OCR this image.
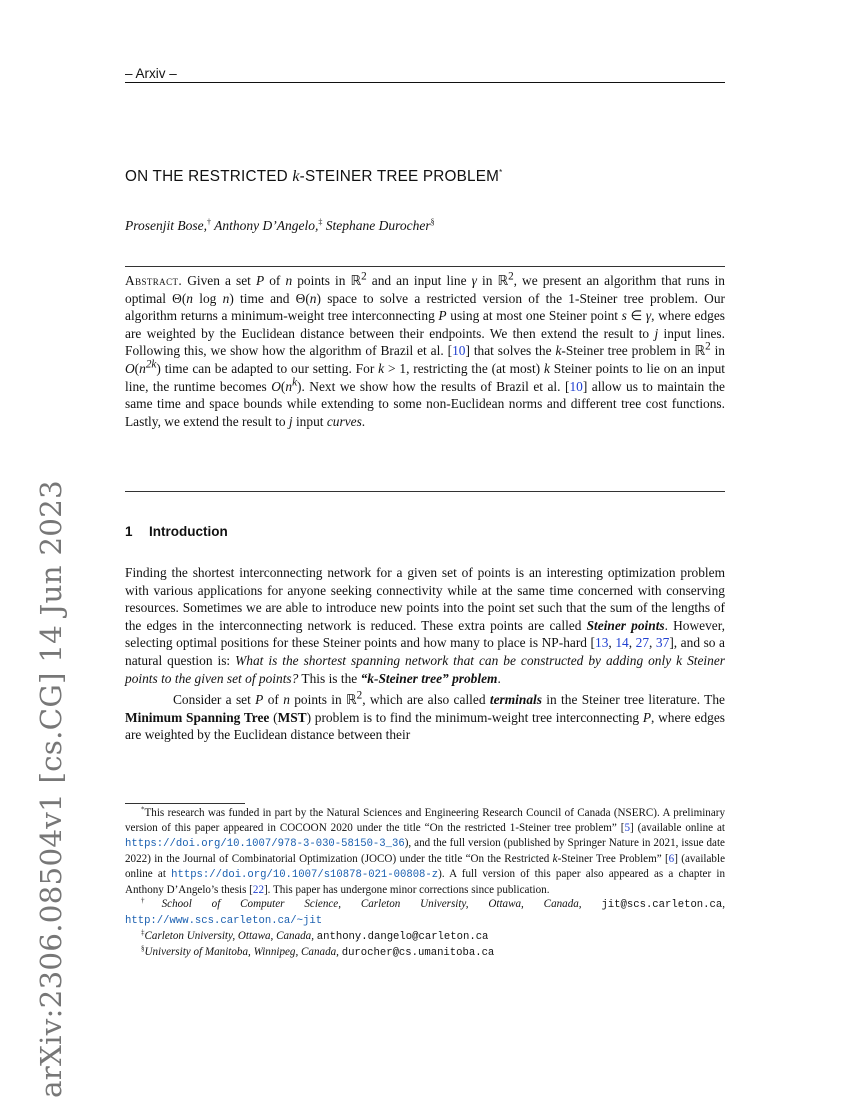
arXiv:2306.08504v1 [cs.CG] 14 Jun 2023
– Arxiv –
ON THE RESTRICTED k-STEINER TREE PROBLEM*
Prosenjit Bose,† Anthony D’Angelo,‡ Stephane Durocher§
Abstract. Given a set P of n points in ℝ$^2$ and an input line γ in ℝ$^2$, we present an algorithm that runs in optimal Θ(n log n) time and Θ(n) space to solve a restricted version of the 1-Steiner tree problem. Our algorithm returns a minimum-weight tree interconnecting P using at most one Steiner point s ∈ γ, where edges are weighted by the Euclidean distance between their endpoints. We then extend the result to j input lines. Following this, we show how the algorithm of Brazil et al. [10] that solves the k-Steiner tree problem in ℝ$^2$ in $O(n^{2k})$ time can be adapted to our setting. For k > 1, restricting the (at most) k Steiner points to lie on an input line, the runtime becomes $O(n^k)$. Next we show how the results of Brazil et al. [10] allow us to maintain the same time and space bounds while extending to some non-Euclidean norms and different tree cost functions. Lastly, we extend the result to j input curves.
1 Introduction

Finding the shortest interconnecting network for a given set of points is an interesting optimization problem with various applications for anyone seeking connectivity while at the same time concerned with conserving resources. Sometimes we are able to introduce new points into the point set such that the sum of the lengths of the edges in the interconnecting network is reduced. These extra points are called Steiner points. However, selecting optimal positions for these Steiner points and how many to place is NP-hard [13, 14, 27, 37], and so a natural question is: What is the shortest spanning network that can be constructed by adding only k Steiner points to the given set of points? This is the “k-Steiner tree” problem.

Consider a set P of n points in ℝ$^2$, which are also called terminals in the Steiner tree literature. The Minimum Spanning Tree (MST) problem is to find the minimum-weight tree interconnecting P, where edges are weighted by the Euclidean distance between their

*This research was funded in part by the Natural Sciences and Engineering Research Council of Canada (NSERC). A preliminary version of this paper appeared in COCOON 2020 under the title “On the restricted 1-Steiner tree problem” [5] (available online at https://doi.org/10.1007/978-3-030-58150-3_36), and the full version (published by Springer Nature in 2021, issue date 2022) in the Journal of Combinatorial Optimization (JOCO) under the title “On the Restricted k-Steiner Tree Problem” [6] (available online at https://doi.org/10.1007/s10878-021-00808-z). A full version of this paper also appeared as a chapter in Anthony D’Angelo’s thesis [22]. This paper has undergone minor corrections since publication.

†School of Computer Science, Carleton University, Ottawa, Canada, jit@scs.carleton.ca, http://www.scs.carleton.ca/~jit

‡Carleton University, Ottawa, Canada, anthony.dangelo@carleton.ca

§University of Manitoba, Winnipeg, Canada, durocher@cs.umanitoba.ca
